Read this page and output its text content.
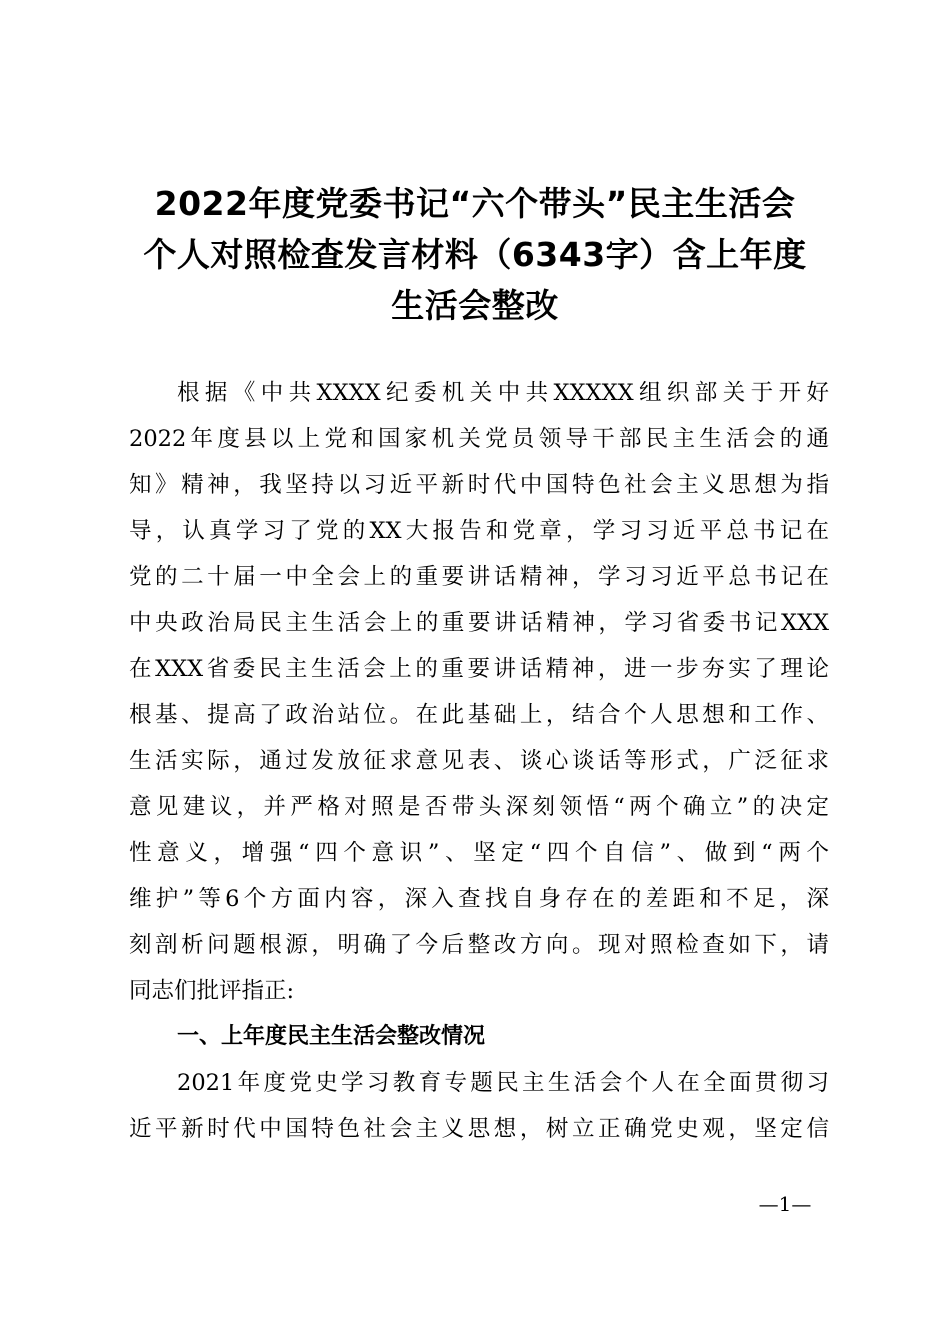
2022年度党委书记“六个带头”民主生活会
个人对照检查发言材料（6343字）含上年度
生活会整改
根据《中共XXXX纪委机关中共XXXXX组织部关于开好
2022年度县以上党和国家机关党员领导干部民主生活会的通
知》精神，我坚持以习近平新时代中国特色社会主义思想为指
导，认真学习了党的XX大报告和党章，学习习近平总书记在
党的二十届一中全会上的重要讲话精神，学习习近平总书记在
中央政治局民主生活会上的重要讲话精神，学习省委书记XXX
在XXX省委民主生活会上的重要讲话精神，进一步夯实了理论
根基、提高了政治站位。在此基础上，结合个人思想和工作、
生活实际，通过发放征求意见表、谈心谈话等形式，广泛征求
意见建议，并严格对照是否带头深刻领悟“两个确立”的决定
性意义，增强“四个意识”、坚定“四个自信”、做到“两个
维护”等6个方面内容，深入查找自身存在的差距和不足，深
刻剖析问题根源，明确了今后整改方向。现对照检查如下，请
同志们批评指正:
一、上年度民主生活会整改情况
2021年度党史学习教育专题民主生活会个人在全面贯彻习
近平新时代中国特色社会主义思想，树立正确党史观，坚定信
—1—
